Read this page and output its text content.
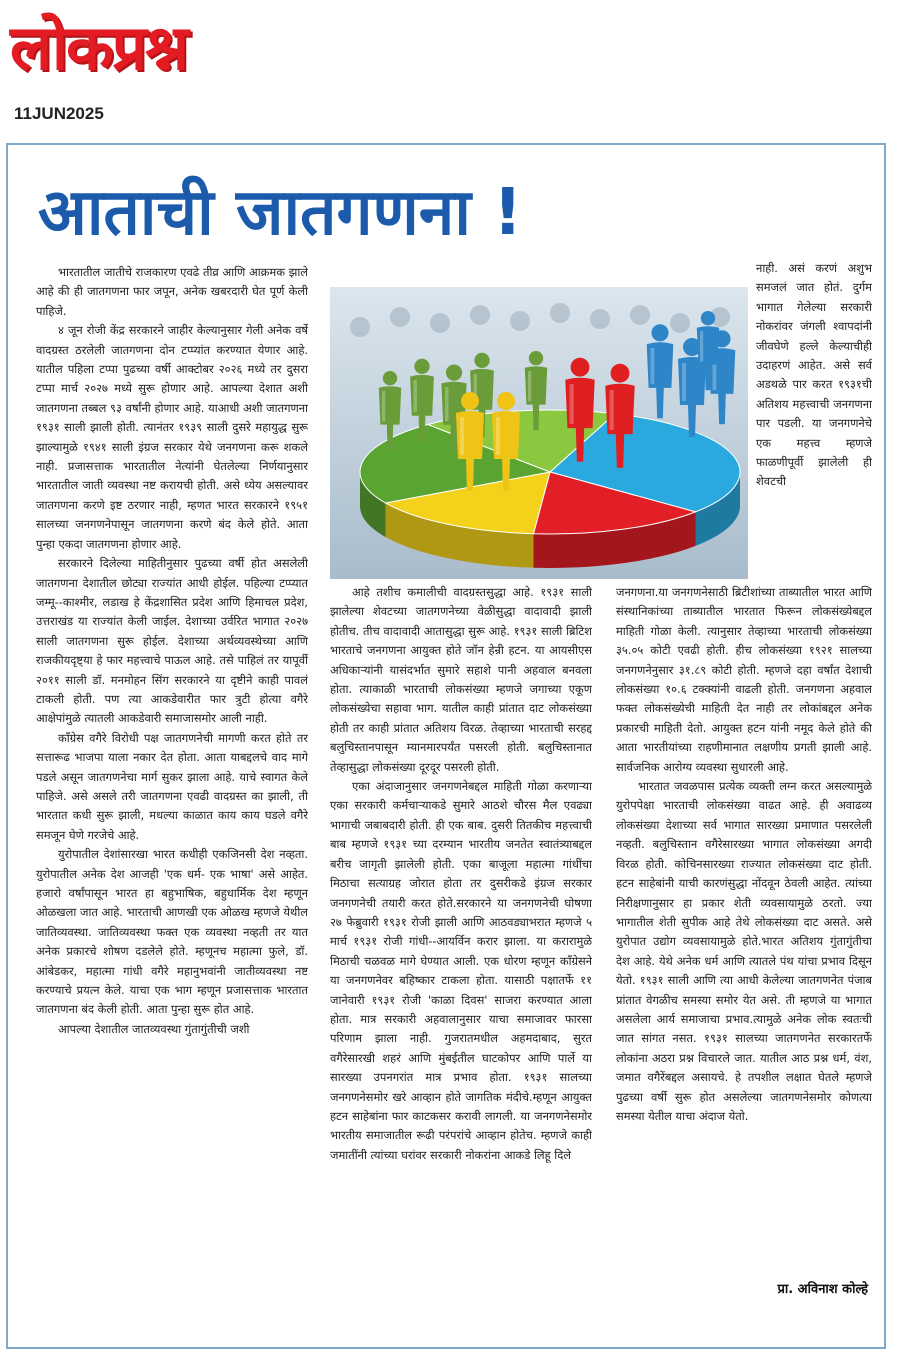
लोकप्रश्न
11JUN2025
आताची जातगणना !

भारतातील जातीचे राजकारण एवढे तीव्र आणि आक्रमक झाले आहे की ही जातगणना फार जपून, अनेक खबरदारी घेत पूर्ण केली पाहिजे.

४ जून रोजी केंद्र सरकारने जाहीर केल्यानुसार गेली अनेक वर्षे वादग्रस्त ठरलेली जातगणना दोन टप्प्यांत करण्यात येणार आहे. यातील पहिला टप्पा पुढच्या वर्षी आक्टोबर २०२६ मध्ये तर दुसरा टप्पा मार्च २०२७ मध्ये सुरू होणार आहे. आपल्या देशात अशी जातगणना तब्बल ९३ वर्षांनी होणार आहे. याआधी अशी जातगणना १९३१ साली झाली होती. त्यानंतर १९३९ साली दुसरे महायुद्ध सुरू झाल्यामुळे १९४१ साली इंग्रज सरकार येथे जनगणना करू शकले नाही. प्रजासत्ताक भारतातील नेत्यांनी घेतलेल्या निर्णयानुसार भारतातील जाती व्यवस्था नष्ट करायची होती. असे ध्येय असल्यावर जातगणना करणे इष्ट ठरणार नाही, म्हणत भारत सरकारने १९५१ सालच्या जनगणनेपासून जातगणना करणे बंद केले होते. आता पुन्हा एकदा जातगणना होणार आहे.

सरकारने दिलेल्या माहितीनुसार पुढच्या वर्षी होत असलेली जातगणना देशातील छोट्या राज्यांत आधी होईल. पहिल्या टप्प्यात जम्मू--काश्मीर, लडाख हे केंद्रशासित प्रदेश आणि हिमाचल प्रदेश, उत्तराखंड या राज्यांत केली जाईल. देशाच्या उर्वरित भागात २०२७ साली जातगणना सुरू होईल. देशाच्या अर्थव्यवस्थेच्या आणि राजकीयदृष्ट्या हे फार महत्त्वाचे पाऊल आहे. तसे पाहिलं तर यापूर्वी २०११ साली डॉ. मनमोहन सिंग सरकारने या दृष्टीने काही पावलं टाकली होती. पण त्या आकडेवारीत फार त्रुटी होत्या वगैरे आक्षेपांमुळे त्यातली आकडेवारी समाजासमोर आली नाही.

कॉंग्रेस वगैरे विरोधी पक्ष जातगणनेची मागणी करत होते तर सत्तारूढ भाजपा याला नकार देत होता. आता याबद्दलचे वाद मागे पडले असून जातगणनेचा मार्ग सुकर झाला आहे. याचे स्वागत केले पाहिजे. असे असले तरी जातगणना एवढी वादग्रस्त का झाली, ती भारतात कधी सुरू झाली, मधल्या काळात काय काय घडले वगैरे समजून घेणे गरजेचे आहे.

युरोपातील देशांसारखा भारत कधीही एकजिनसी देश नव्हता. युरोपातील अनेक देश आजही 'एक धर्म- एक भाषा' असे आहेत. हजारो वर्षांपासून भारत हा बहुभाषिक, बहुधार्मिक देश म्हणून ओळखला जात आहे. भारताची आणखी एक ओळख म्हणजे येथील जातिव्यवस्था. जातिव्यवस्था फक्त एक व्यवस्था नव्हती तर यात अनेक प्रकारचे शोषण दडलेले होते. म्हणूनच महात्मा फुले, डॉ. आंबेडकर, महात्मा गांधी वगैरे महानुभवांनी जातीव्यवस्था नष्ट करण्याचे प्रयत्न केले. याचा एक भाग म्हणून प्रजासत्ताक भारतात जातगणना बंद केली होती. आता पुन्हा सुरू होत आहे.

आपल्या देशातील जातव्यवस्था गुंतागुंतीची जशी

आहे तशीच कमालीची वादग्रस्तसुद्धा आहे. १९३१ साली झालेल्या शेवटच्या जातगणनेच्या वेळीसुद्धा वादावादी झाली होतीच. तीच वादावादी आतासुद्धा सुरू आहे. १९३१ साली ब्रिटिश भारताचे जनगणना आयुक्त होते जॉन हेन्री हटन. या आयसीएस अधिकाऱ्यांनी यासंदर्भात सुमारे सहाशे पानी अहवाल बनवला होता. त्याकाळी भारताची लोकसंख्या म्हणजे जगाच्या एकूण लोकसंख्येचा सहावा भाग. यातील काही प्रांतात दाट लोकसंख्या होती तर काही प्रांतात अतिशय विरळ. तेव्हाच्या भारताची सरहद्द बलुचिस्तानपासून म्यानमारपर्यंत पसरली होती. बलुचिस्तानात तेव्हासुद्धा लोकसंख्या दूरदूर पसरली होती.

एका अंदाजानुसार जनगणनेबद्दल माहिती गोळा करणार्‍या एका सरकारी कर्मचार्‍याकडे सुमारे आठशे चौरस मैल एवढ्या भागाची जबाबदारी होती. ही एक बाब. दुसरी तितकीच महत्त्वाची बाब म्हणजे १९३१ च्या दरम्यान भारतीय जनतेत स्वातंत्र्याबद्दल बरीच जागृती झालेली होती. एका बाजूला महात्मा गांधींचा मिठाचा सत्याग्रह जोरात होता तर दुसरीकडे इंग्रज सरकार जनगणनेची तयारी करत होते.सरकारने या जनगणनेची घोषणा २७ फेब्रुवारी १९३१ रोजी झाली आणि आठवड्याभरात म्हणजे ५ मार्च १९३१ रोजी गांधी--आयर्विन करार झाला. या करारामुळे मिठाची चळवळ मागे घेण्यात आली. एक धोरण म्हणून कॉंग्रेसने या जनगणनेवर बहिष्कार टाकला होता. यासाठी पक्षातर्फे ११ जानेवारी १९३१ रोजी 'काळा दिवस' साजरा करण्यात आला होता. मात्र सरकारी अहवालानुसार याचा समाजावर फारसा परिणाम झाला नाही. गुजरातमधील अहमदाबाद, सुरत वगैरेसारखी शहरं आणि मुंबईतील घाटकोपर आणि पार्ले या सारख्या उपनगरांत मात्र प्रभाव होता. १९३१ सालच्या जनगणनेसमोर खरे आव्हान होते जागतिक मंदीचे.म्हणून आयुक्त हटन साहेबांना फार काटकसर करावी लागली. या जनगणनेसमोर भारतीय समाजातील रूढी परंपरांचे आव्हान होतेच. म्हणजे काही जमातींनी त्यांच्या घरांवर सरकारी नोकरांना आकडे लिहू दिले

नाही. असं करणं अशुभ समजलं जात होतं. दुर्गम भागात गेलेल्या सरकारी नोकरांवर जंगली श्वापदांनी जीवघेणे हल्ले केल्याचीही उदाहरणं आहेत. असे सर्व अडथळे पार करत १९३१ची अतिशय महत्त्वाची जनगणना पार पडली. या जनगणनेचे एक महत्त्व म्हणजे फाळणीपूर्वी झालेली ही शेवटची

जनगणना.या जनगणनेसाठी ब्रिटीशांच्या ताब्यातील भारत आणि संस्थानिकांच्या ताब्यातील भारतात फिरून लोकसंख्येबद्दल माहिती गोळा केली. त्यानुसार तेव्हाच्या भारताची लोकसंख्या ३५.०५ कोटी एवढी होती. हीच लोकसंख्या १९२१ सालच्या जनगणनेनुसार ३१.८९ कोटी होती. म्हणजे दहा वर्षांत देशाची लोकसंख्या १०.६ टक्क्यांनी वाढली होती. जनगणना अहवाल फक्त लोकसंख्येची माहिती देत नाही तर लोकांबद्दल अनेक प्रकारची माहिती देतो. आयुक्त हटन यांनी नमूद केले होते की आता भारतीयांच्या राहणीमानात लक्षणीय प्रगती झाली आहे. सार्वजनिक आरोग्य व्यवस्था सुधारली आहे.

भारतात जवळपास प्रत्येक व्यक्ती लग्न करत असल्यामुळे युरोपपेक्षा भारताची लोकसंख्या वाढत आहे. ही अवाढव्य लोकसंख्या देशाच्या सर्व भागात सारख्या प्रमाणात पसरलेली नव्हती. बलुचिस्तान वगैरेसारख्या भागात लोकसंख्या अगदी विरळ होती. कोचिनसारख्या राज्यात लोकसंख्या दाट होती. हटन साहेबांनी याची कारणंसुद्धा नोंदवून ठेवली आहेत. त्यांच्या निरीक्षणानुसार हा प्रकार शेती व्यवसायामुळे ठरतो. ज्या भागातील शेती सुपीक आहे तेथे लोकसंख्या दाट असते. असे युरोपात उद्योग व्यवसायामुळे होते.भारत अतिशय गुंतागुंतीचा देश आहे. येथे अनेक धर्म आणि त्यातले पंथ यांचा प्रभाव दिसून येतो. १९३१ साली आणि त्या आधी केलेल्या जातगणनेत पंजाब प्रांतात वेगळीच समस्या समोर येत असे. ती म्हणजे या भागात असलेला आर्य समाजाचा प्रभाव.त्यामुळे अनेक लोक स्वतःची जात सांगत नसत. १९३१ सालच्या जातगणनेत सरकारतर्फे लोकांना अठरा प्रश्न विचारले जात. यातील आठ प्रश्न धर्म, वंश, जमात वगैरेंबद्दल असायचे. हे तपशील लक्षात घेतले म्हणजे पुढच्या वर्षी सुरू होत असलेल्या जातगणनेसमोर कोणत्या समस्या येतील याचा अंदाज येतो.

प्रा. अविनाश कोल्हे
